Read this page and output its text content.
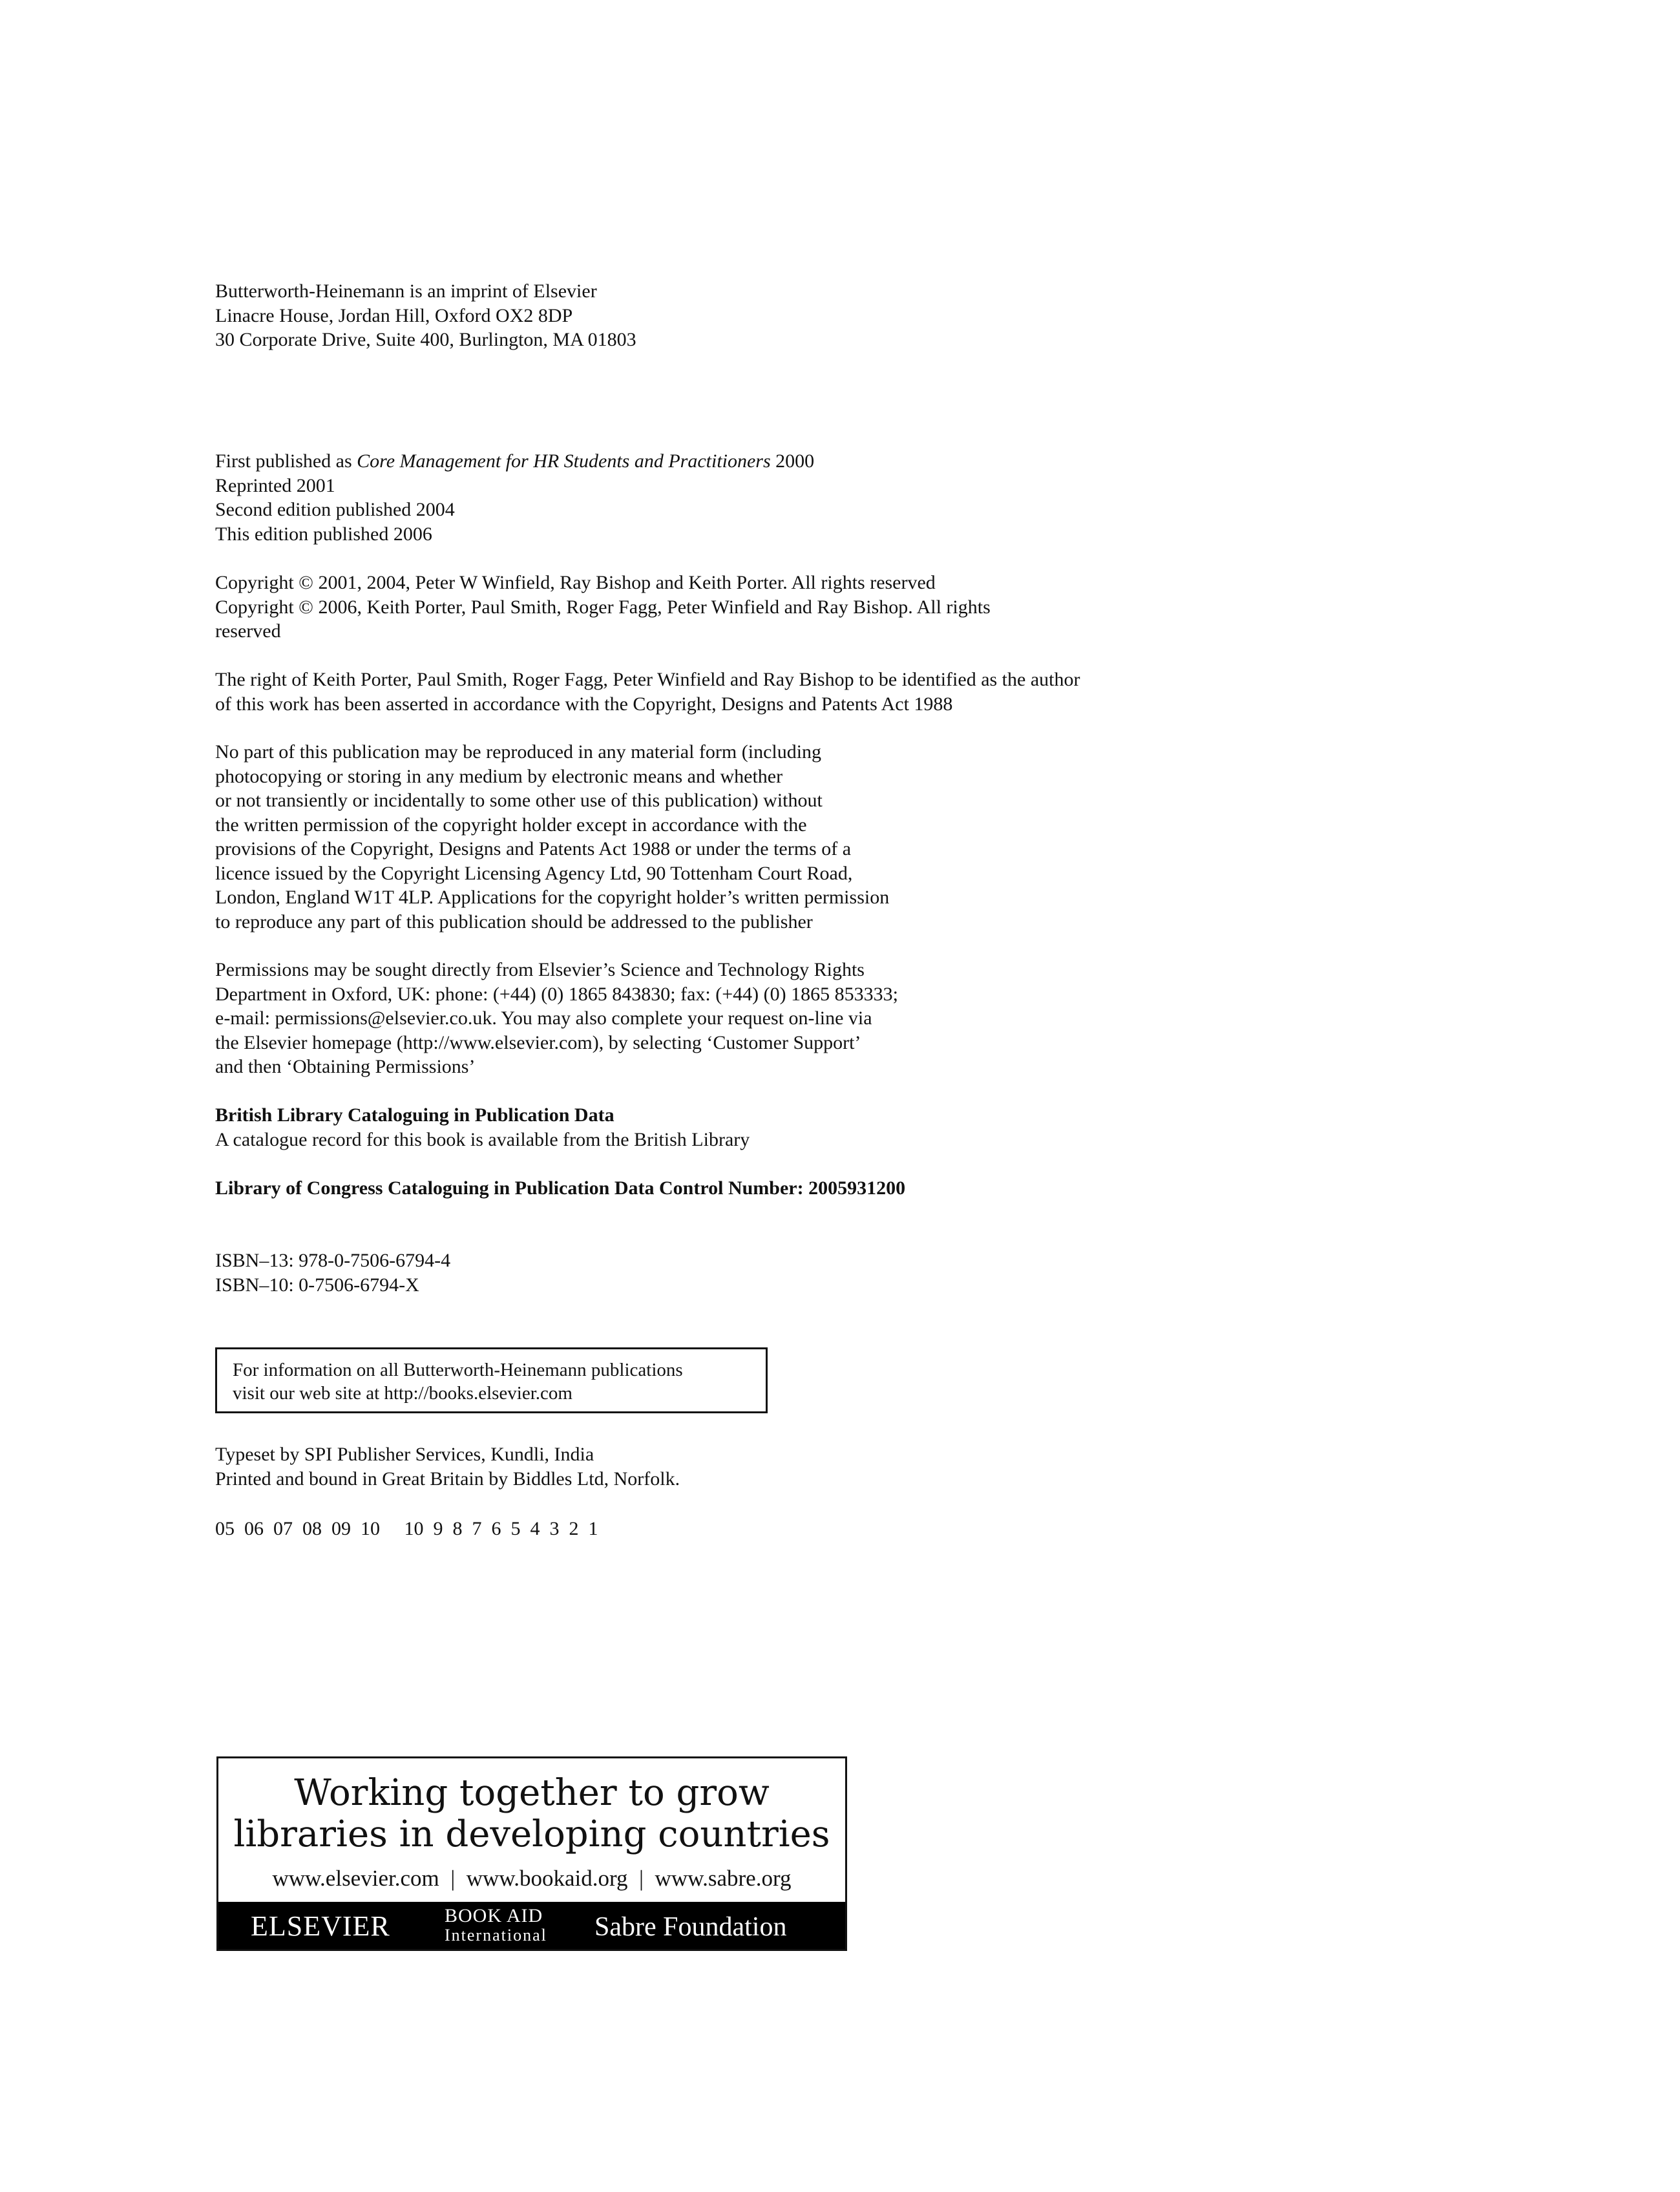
Butterworth-Heinemann is an imprint of Elsevier
Linacre House, Jordan Hill, Oxford OX2 8DP
30 Corporate Drive, Suite 400, Burlington, MA 01803
First published as Core Management for HR Students and Practitioners 2000
Reprinted 2001
Second edition published 2004
This edition published 2006
Copyright © 2001, 2004, Peter W Winfield, Ray Bishop and Keith Porter. All rights reserved
Copyright © 2006, Keith Porter, Paul Smith, Roger Fagg, Peter Winfield and Ray Bishop. All rights
reserved
The right of Keith Porter, Paul Smith, Roger Fagg, Peter Winfield and Ray Bishop to be identified as the author
of this work has been asserted in accordance with the Copyright, Designs and Patents Act 1988
No part of this publication may be reproduced in any material form (including
photocopying or storing in any medium by electronic means and whether
or not transiently or incidentally to some other use of this publication) without
the written permission of the copyright holder except in accordance with the
provisions of the Copyright, Designs and Patents Act 1988 or under the terms of a
licence issued by the Copyright Licensing Agency Ltd, 90 Tottenham Court Road,
London, England W1T 4LP. Applications for the copyright holder’s written permission
to reproduce any part of this publication should be addressed to the publisher
Permissions may be sought directly from Elsevier’s Science and Technology Rights
Department in Oxford, UK: phone: (+44) (0) 1865 843830; fax: (+44) (0) 1865 853333;
e-mail: permissions@elsevier.co.uk. You may also complete your request on-line via
the Elsevier homepage (http://www.elsevier.com), by selecting ‘Customer Support’
and then ‘Obtaining Permissions’
British Library Cataloguing in Publication Data
A catalogue record for this book is available from the British Library
Library of Congress Cataloguing in Publication Data Control Number: 2005931200
ISBN–13: 978-0-7506-6794-4
ISBN–10: 0-7506-6794-X
For information on all Butterworth-Heinemann publications
visit our web site at http://books.elsevier.com
Typeset by SPI Publisher Services, Kundli, India
Printed and bound in Great Britain by Biddles Ltd, Norfolk.
05  06  07  08  09  10     10  9  8  7  6  5  4  3  2  1
Working together to grow
libraries in developing countries
www.elsevier.com  |  www.bookaid.org  |  www.sabre.org
ELSEVIER	BOOK AID
International Sabre Foundation
